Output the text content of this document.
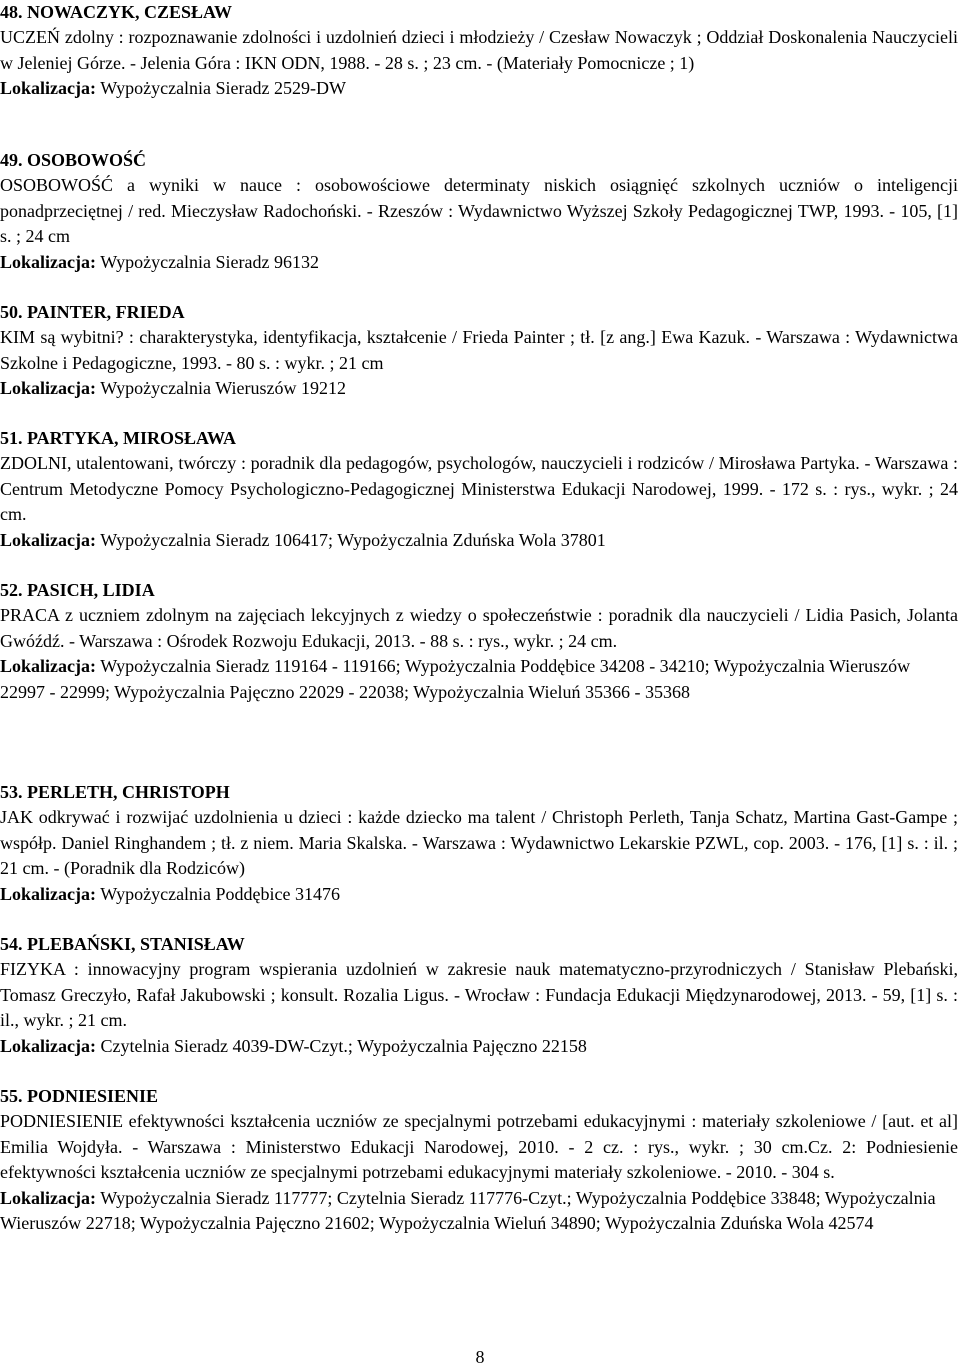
48. NOWACZYK, CZESŁAW

UCZEŃ zdolny : rozpoznawanie zdolności i uzdolnień dzieci i młodzieży / Czesław Nowaczyk ; Oddział Doskonalenia Nauczycieli w Jeleniej Górze. - Jelenia Góra : IKN ODN, 1988. - 28 s. ; 23 cm. - (Materiały Pomocnicze ; 1)

Lokalizacja: Wypożyczalnia Sieradz 2529-DW

49. OSOBOWOŚĆ

OSOBOWOŚĆ a wyniki w nauce : osobowościowe determinaty niskich osiągnięć szkolnych uczniów o inteligencji ponadprzeciętnej / red. Mieczysław Radochoński. - Rzeszów : Wydawnictwo Wyższej Szkoły Pedagogicznej TWP, 1993. - 105, [1] s. ; 24 cm

Lokalizacja: Wypożyczalnia Sieradz 96132

50. PAINTER, FRIEDA

KIM są wybitni? : charakterystyka, identyfikacja, kształcenie / Frieda Painter ; tł. [z ang.] Ewa Kazuk. - Warszawa : Wydawnictwa Szkolne i Pedagogiczne, 1993. - 80 s. : wykr. ; 21 cm

Lokalizacja: Wypożyczalnia Wieruszów 19212

51. PARTYKA, MIROSŁAWA

ZDOLNI, utalentowani, twórczy : poradnik dla pedagogów, psychologów, nauczycieli i rodziców / Mirosława Partyka. - Warszawa : Centrum Metodyczne Pomocy Psychologiczno-Pedagogicznej Ministerstwa Edukacji Narodowej, 1999. - 172 s. : rys., wykr. ; 24 cm.

Lokalizacja: Wypożyczalnia Sieradz 106417; Wypożyczalnia Zduńska Wola 37801

52. PASICH, LIDIA

PRACA z uczniem zdolnym na zajęciach lekcyjnych z wiedzy o społeczeństwie : poradnik dla nauczycieli / Lidia Pasich, Jolanta Gwóźdź. - Warszawa : Ośrodek Rozwoju Edukacji, 2013. - 88 s. : rys., wykr. ; 24 cm.

Lokalizacja: Wypożyczalnia Sieradz 119164 - 119166; Wypożyczalnia Poddębice 34208 - 34210; Wypożyczalnia Wieruszów 22997 - 22999; Wypożyczalnia Pajęczno 22029 - 22038; Wypożyczalnia Wieluń 35366 - 35368

53. PERLETH, CHRISTOPH

JAK odkrywać i rozwijać uzdolnienia u dzieci : każde dziecko ma talent / Christoph Perleth, Tanja Schatz, Martina Gast-Gampe ; współp. Daniel Ringhandem ; tł. z niem. Maria Skalska. - Warszawa : Wydawnictwo Lekarskie PZWL, cop. 2003. - 176, [1] s. : il. ; 21 cm. - (Poradnik dla Rodziców)

Lokalizacja: Wypożyczalnia Poddębice 31476

54. PLEBAŃSKI, STANISŁAW

FIZYKA : innowacyjny program wspierania uzdolnień w zakresie nauk matematyczno-przyrodniczych / Stanisław Plebański, Tomasz Greczyło, Rafał Jakubowski ; konsult. Rozalia Ligus. - Wrocław : Fundacja Edukacji Międzynarodowej, 2013. - 59, [1] s. : il., wykr. ; 21 cm.

Lokalizacja: Czytelnia Sieradz 4039-DW-Czyt.; Wypożyczalnia Pajęczno 22158

55. PODNIESIENIE

PODNIESIENIE efektywności kształcenia uczniów ze specjalnymi potrzebami edukacyjnymi : materiały szkoleniowe / [aut. et al] Emilia Wojdyła. - Warszawa : Ministerstwo Edukacji Narodowej, 2010. - 2 cz. : rys., wykr. ; 30 cm.Cz. 2: Podniesienie efektywności kształcenia uczniów ze specjalnymi potrzebami edukacyjnymi materiały szkoleniowe. - 2010. - 304 s.

Lokalizacja: Wypożyczalnia Sieradz 117777; Czytelnia Sieradz 117776-Czyt.; Wypożyczalnia Poddębice 33848; Wypożyczalnia Wieruszów 22718; Wypożyczalnia Pajęczno 21602; Wypożyczalnia Wieluń 34890; Wypożyczalnia Zduńska Wola 42574

8
